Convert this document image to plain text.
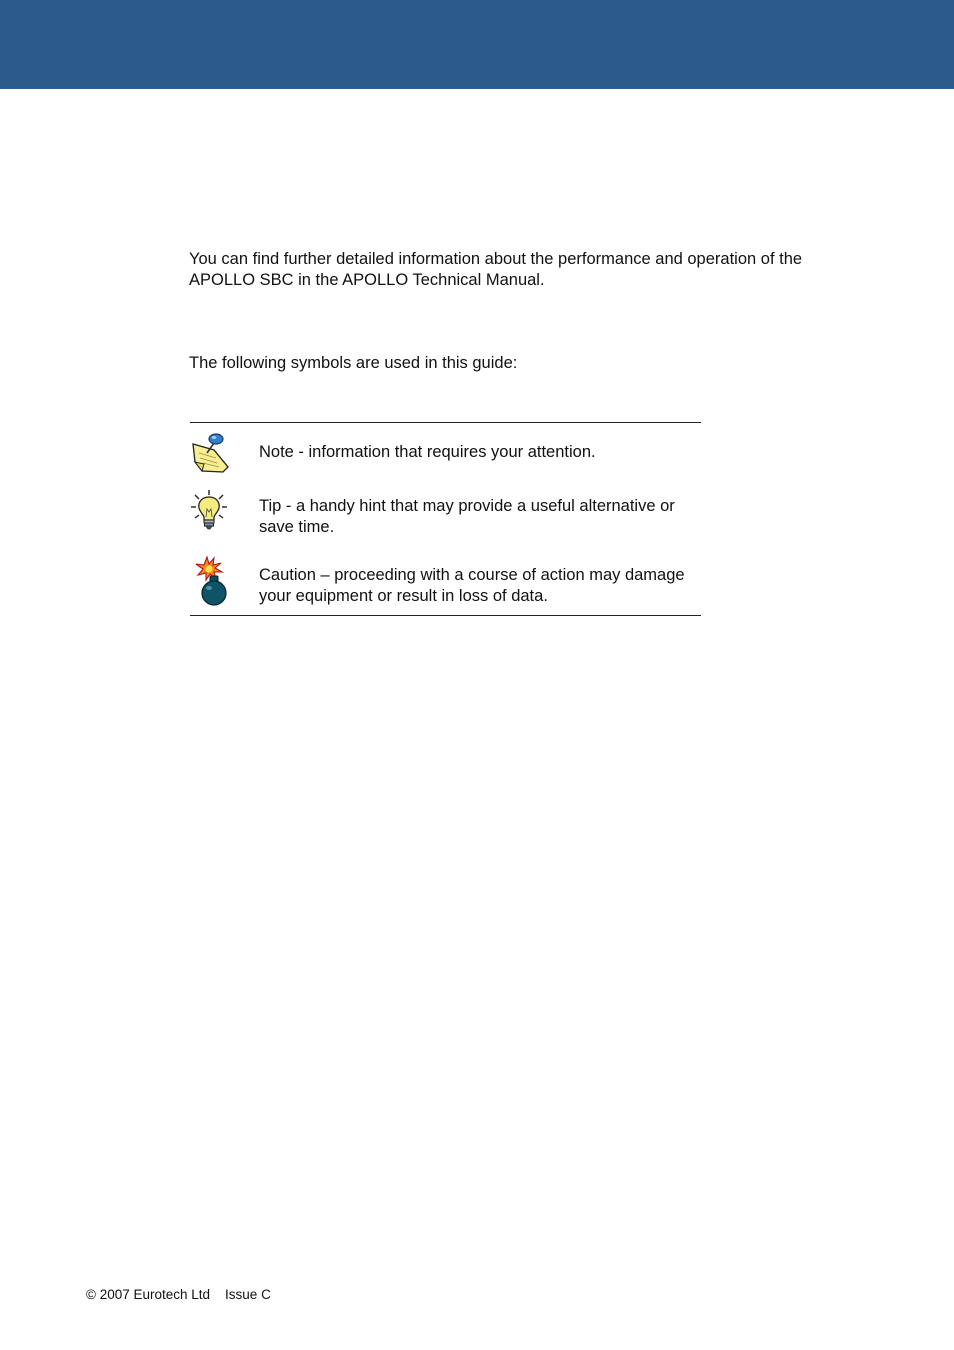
You can find further detailed information about the performance and operation of the APOLLO SBC in the APOLLO Technical Manual.

The following symbols are used in this guide:

Note - information that requires your attention.

Tip - a handy hint that may provide a useful alternative or save time.

Caution – proceeding with a course of action may damage your equipment or result in loss of data.

© 2007 Eurotech Ltd Issue C
